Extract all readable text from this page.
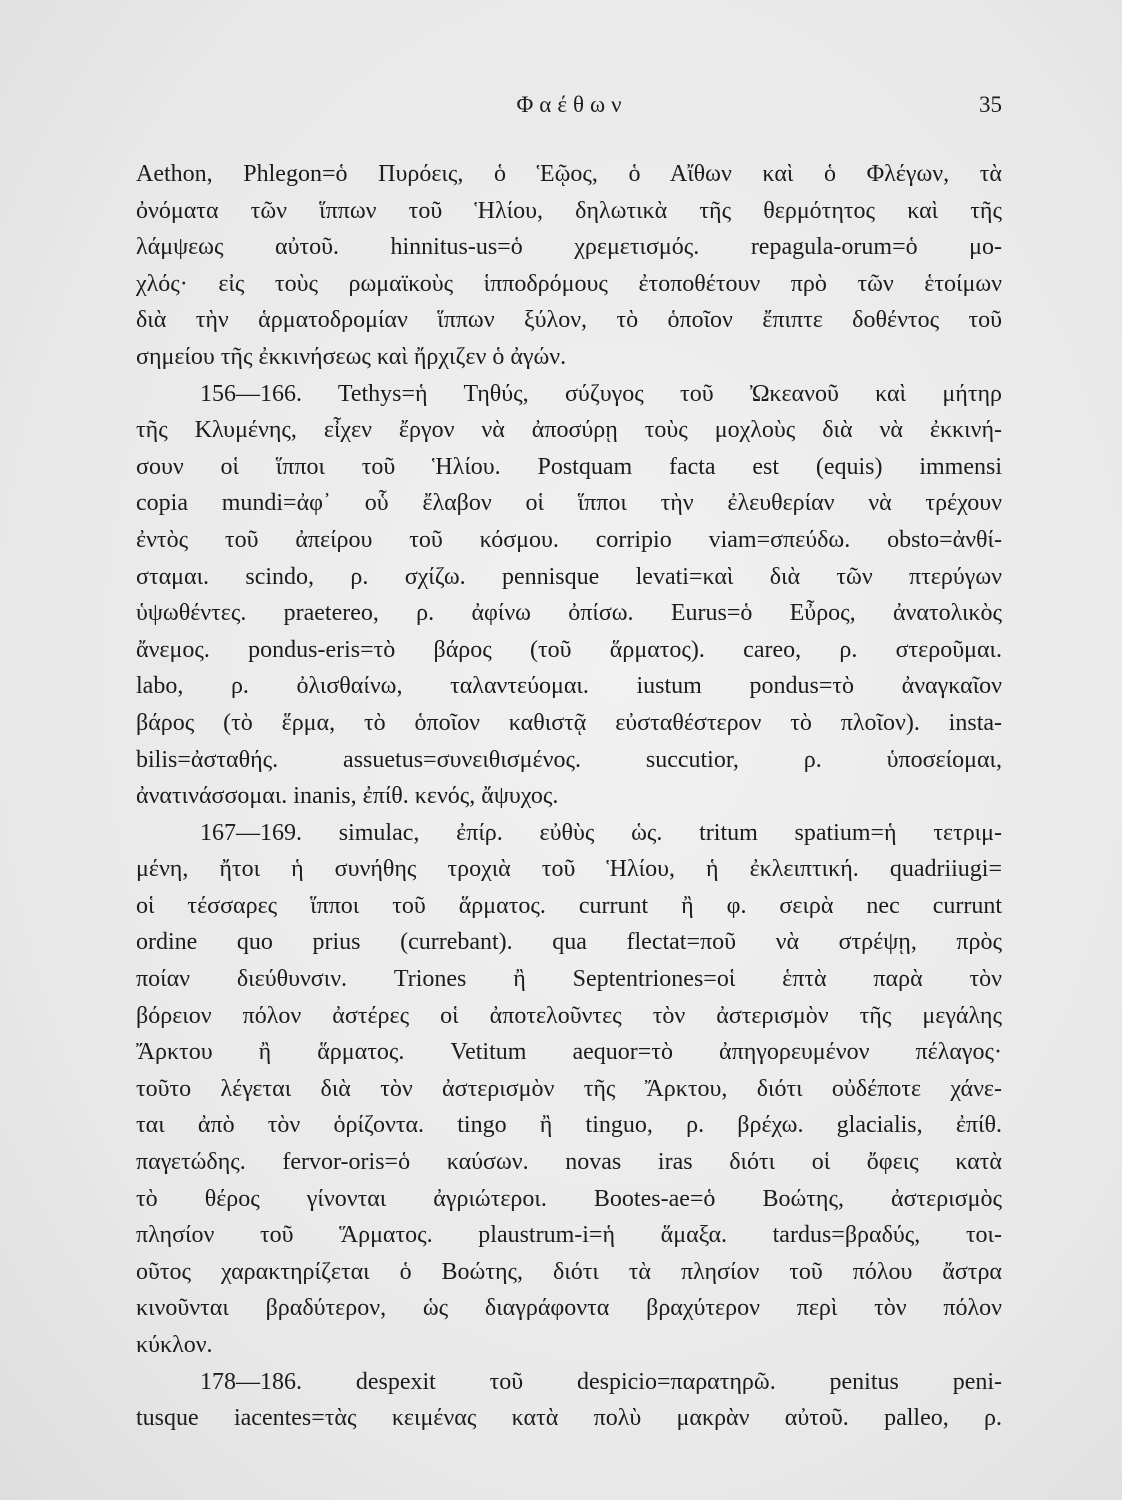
Φαέθων	35
Aethon, Phlegon=ὁ Πυρόεις, ὁ Ἑῷος, ὁ Αἴθων καὶ ὁ Φλέγων, τὰ
ὀνόματα τῶν ἵππων τοῦ Ἡλίου, δηλωτικὰ τῆς θερμότητος καὶ τῆς
λάμψεως αὐτοῦ. hinnitus-us=ὁ χρεμετισμός. repagula-orum=ὁ μο-
χλός· εἰς τοὺς ρωμαϊκοὺς ἱπποδρόμους ἐτοποθέτουν πρὸ τῶν ἑτοίμων
διὰ τὴν ἁρματοδρομίαν ἵππων ξύλον, τὸ ὁποῖον ἔπιπτε δοθέντος τοῦ
σημείου τῆς ἐκκινήσεως καὶ ἤρχιζεν ὁ ἀγών.
156—166. Tethys=ἡ Τηθύς, σύζυγος τοῦ Ὠκεανοῦ καὶ μήτηρ
τῆς Κλυμένης, εἶχεν ἔργον νὰ ἀποσύρῃ τοὺς μοχλοὺς διὰ νὰ ἐκκινή-
σουν οἱ ἵπποι τοῦ Ἡλίου. Postquam facta est (equis) immensi
copia mundi=ἀφ᾿ οὗ ἔλαβον οἱ ἵπποι τὴν ἐλευθερίαν νὰ τρέχουν
ἐντὸς τοῦ ἀπείρου τοῦ κόσμου. corripio viam=σπεύδω. obsto=ἀνθί-
σταμαι. scindo, ρ. σχίζω. pennisque levati=καὶ διὰ τῶν πτερύγων
ὑψωθέντες. praetereo, ρ. ἀφίνω ὀπίσω. Eurus=ὁ Εὖρος, ἀνατολικὸς
ἄνεμος. pondus-eris=τὸ βάρος (τοῦ ἅρματος). careo, ρ. στεροῦμαι.
labo, ρ. ὀλισθαίνω, ταλαντεύομαι. iustum pondus=τὸ ἀναγκαῖον
βάρος (τὸ ἕρμα, τὸ ὁποῖον καθιστᾷ εὐσταθέστερον τὸ πλοῖον). insta-
bilis=ἀσταθής. assuetus=συνειθισμένος. succutior, ρ. ὑποσείομαι,
ἀνατινάσσομαι. inanis, ἐπίθ. κενός, ἄψυχος.
167—169. simulac, ἐπίρ. εὐθὺς ὡς. tritum spatium=ἡ τετριμ-
μένη, ἤτοι ἡ συνήθης τροχιὰ τοῦ Ἡλίου, ἡ ἐκλειπτική. quadriiugi=
οἱ τέσσαρες ἵπποι τοῦ ἅρματος. currunt ἢ φ. σειρὰ nec currunt
ordine quo prius (currebant). qua flectat=ποῦ νὰ στρέψῃ, πρὸς
ποίαν διεύθυνσιν. Triones ἢ Septentriones=οἱ ἑπτὰ παρὰ τὸν
βόρειον πόλον ἀστέρες οἱ ἀποτελοῦντες τὸν ἀστερισμὸν τῆς μεγάλης
Ἄρκτου ἢ ἅρματος. Vetitum aequor=τὸ ἀπηγορευμένον πέλαγος·
τοῦτο λέγεται διὰ τὸν ἀστερισμὸν τῆς Ἄρκτου, διότι οὐδέποτε χάνε-
ται ἀπὸ τὸν ὁρίζοντα. tingo ἢ tinguo, ρ. βρέχω. glacialis, ἐπίθ.
παγετώδης. fervor-oris=ὁ καύσων. novas iras διότι οἱ ὄφεις κατὰ
τὸ θέρος γίνονται ἀγριώτεροι. Bootes-ae=ὁ Βοώτης, ἀστερισμὸς
πλησίον τοῦ Ἅρματος. plaustrum-i=ἡ ἅμαξα. tardus=βραδύς, τοι-
οῦτος χαρακτηρίζεται ὁ Βοώτης, διότι τὰ πλησίον τοῦ πόλου ἄστρα
κινοῦνται βραδύτερον, ὡς διαγράφοντα βραχύτερον περὶ τὸν πόλον
κύκλον.
178—186. despexit τοῦ despicio=παρατηρῶ. penitus peni-
tusque iacentes=τὰς κειμένας κατὰ πολὺ μακρὰν αὐτοῦ. palleo, ρ.
